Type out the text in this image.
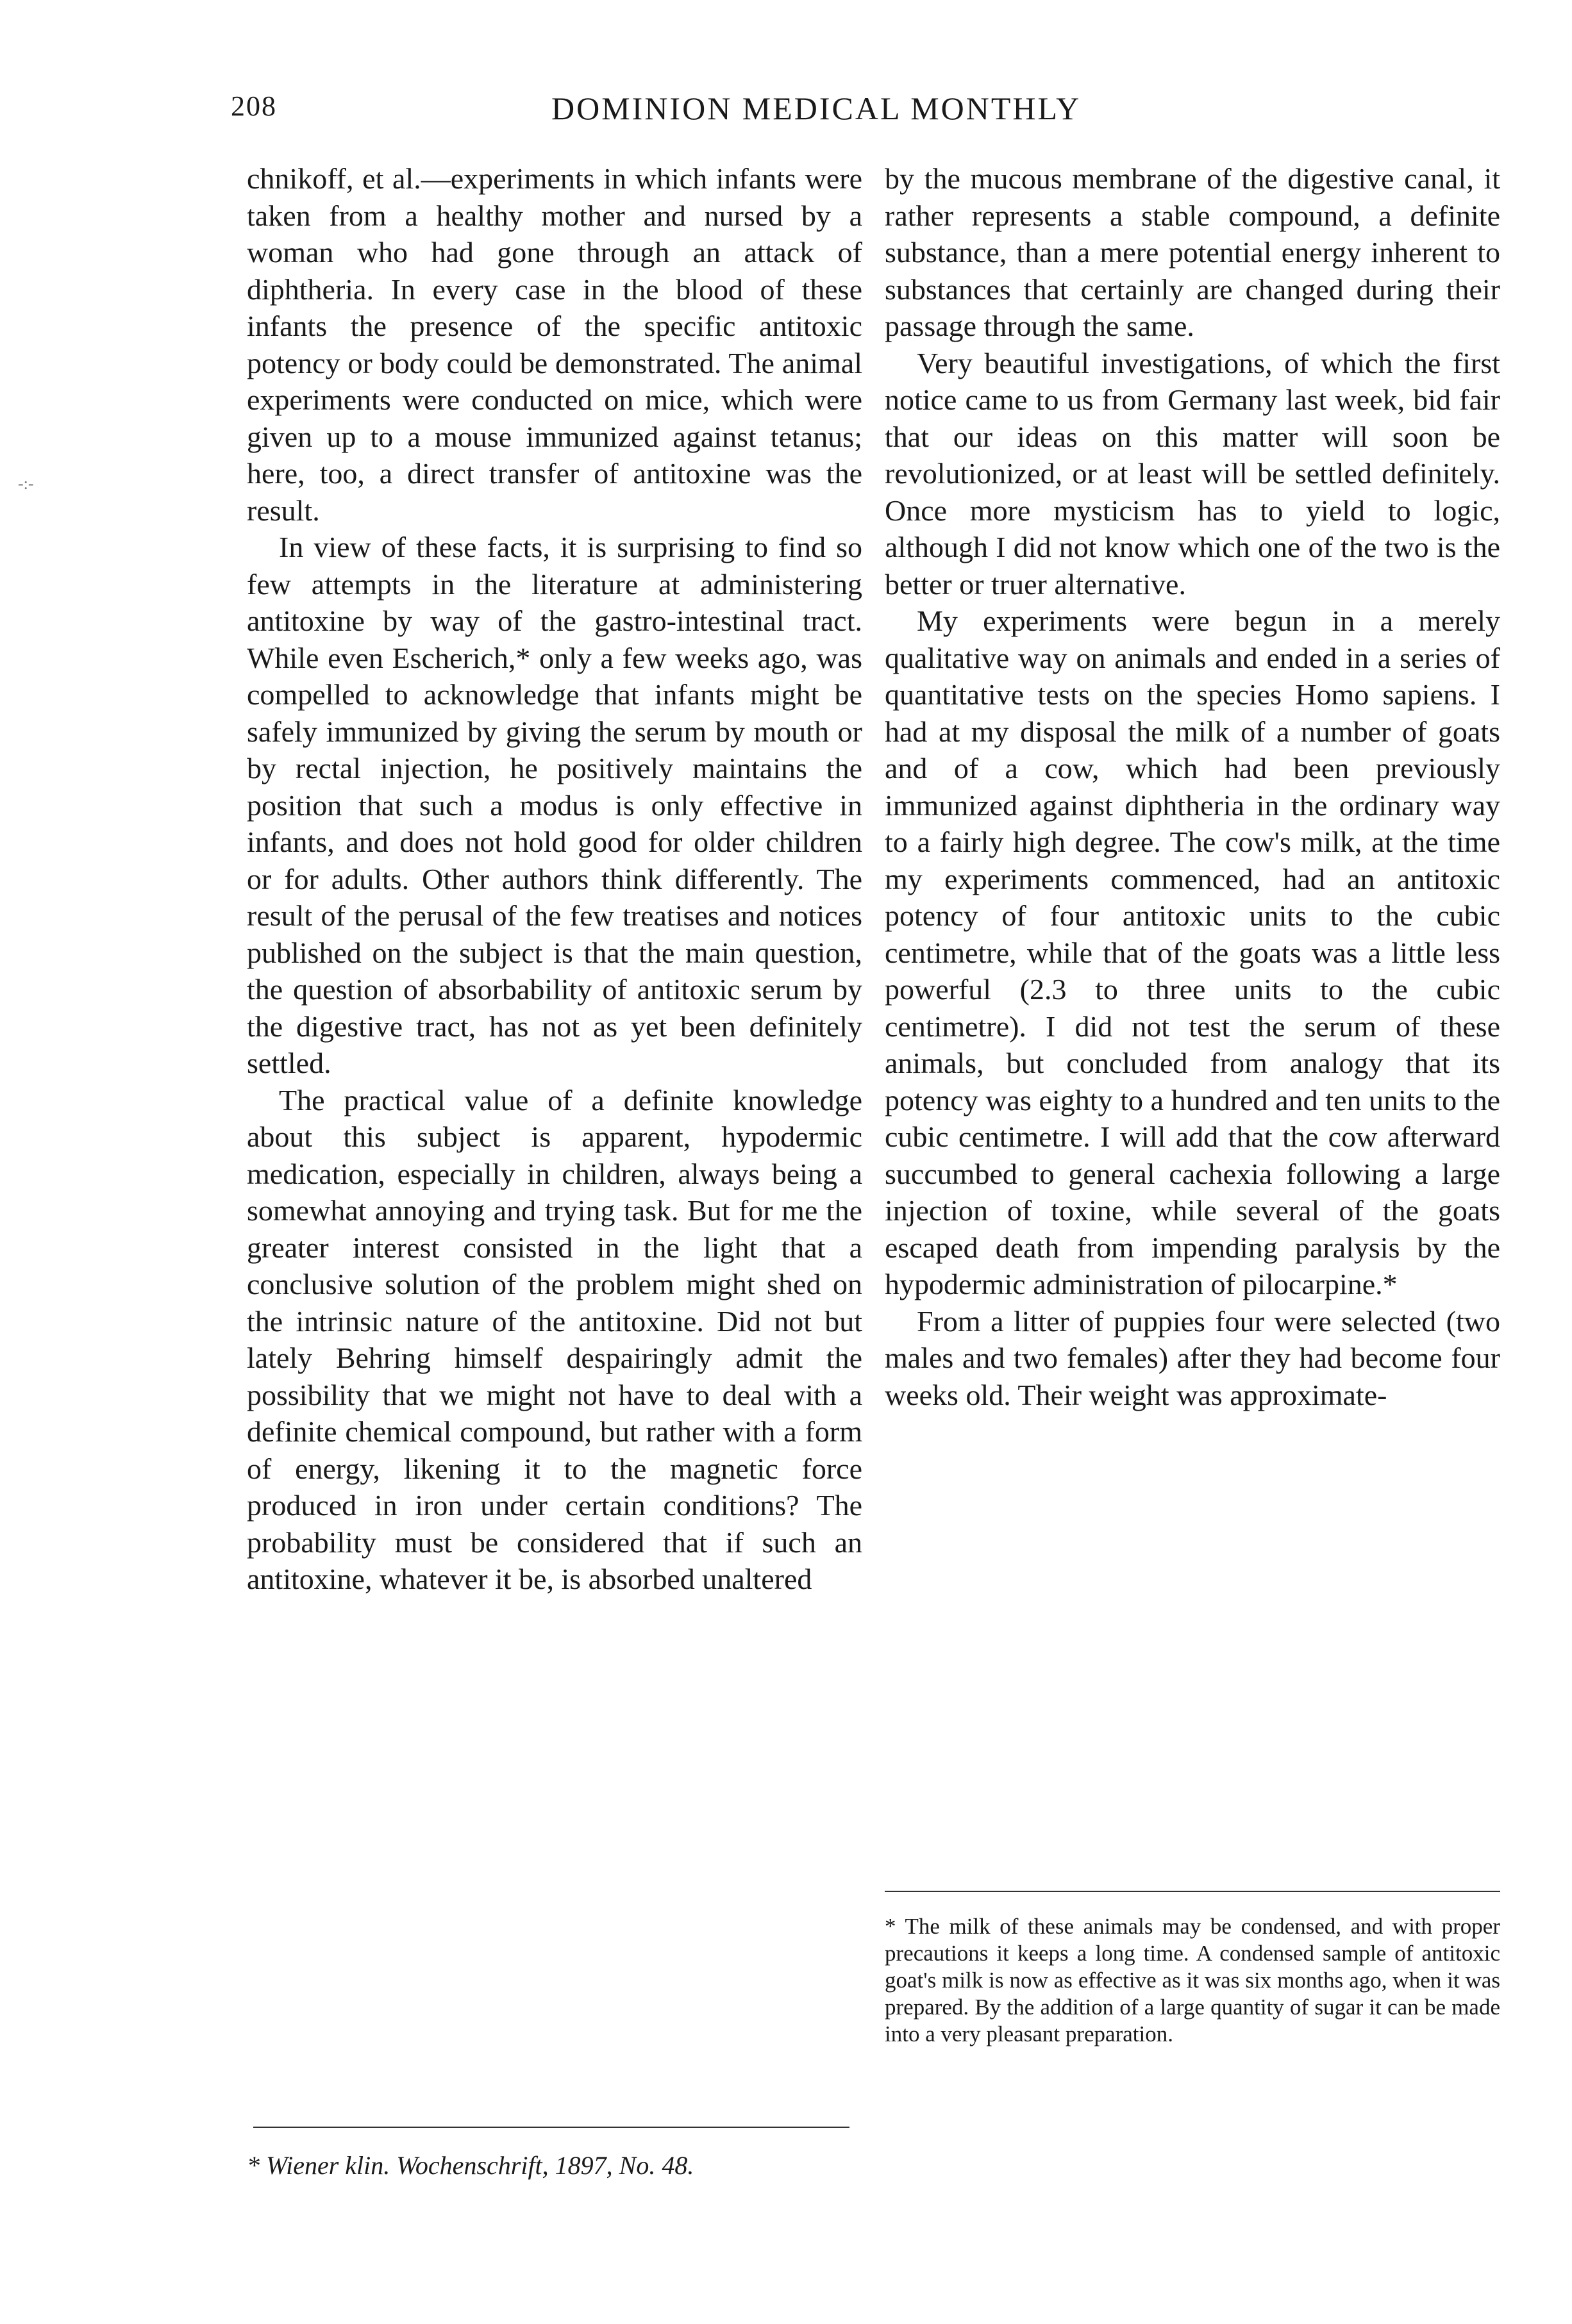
208	DOMINION MEDICAL MONTHLY
-:-

chnikoff, et al.—experiments in which infants were taken from a healthy mother and nursed by a woman who had gone through an attack of diphtheria. In every case in the blood of these infants the presence of the specific antitoxic potency or body could be demonstrated. The animal experiments were conducted on mice, which were given up to a mouse immunized against tetanus; here, too, a direct transfer of antitoxine was the result.

In view of these facts, it is surprising to find so few attempts in the literature at administering antitoxine by way of the gastro-intestinal tract. While even Escherich,* only a few weeks ago, was compelled to acknowledge that infants might be safely immunized by giving the serum by mouth or by rectal injection, he positively maintains the position that such a modus is only effective in infants, and does not hold good for older children or for adults. Other authors think differently. The result of the perusal of the few treatises and notices published on the subject is that the main question, the question of absorbability of antitoxic serum by the digestive tract, has not as yet been definitely settled.

The practical value of a definite knowledge about this subject is apparent, hypodermic medication, especially in children, always being a somewhat annoying and trying task. But for me the greater interest consisted in the light that a conclusive solution of the problem might shed on the intrinsic nature of the antitoxine. Did not but lately Behring himself despairingly admit the possibility that we might not have to deal with a definite chemical compound, but rather with a form of energy, likening it to the magnetic force produced in iron under certain conditions? The probability must be considered that if such an antitoxine, whatever it be, is absorbed unaltered

by the mucous membrane of the digestive canal, it rather represents a stable compound, a definite substance, than a mere potential energy inherent to substances that certainly are changed during their passage through the same.

Very beautiful investigations, of which the first notice came to us from Germany last week, bid fair that our ideas on this matter will soon be revolutionized, or at least will be settled definitely. Once more mysticism has to yield to logic, although I did not know which one of the two is the better or truer alternative.

My experiments were begun in a merely qualitative way on animals and ended in a series of quantitative tests on the species Homo sapiens. I had at my disposal the milk of a number of goats and of a cow, which had been previously immunized against diphtheria in the ordinary way to a fairly high degree. The cow's milk, at the time my experiments commenced, had an antitoxic potency of four antitoxic units to the cubic centimetre, while that of the goats was a little less powerful (2.3 to three units to the cubic centimetre). I did not test the serum of these animals, but concluded from analogy that its potency was eighty to a hundred and ten units to the cubic centimetre. I will add that the cow afterward succumbed to general cachexia following a large injection of toxine, while several of the goats escaped death from impending paralysis by the hypodermic administration of pilocarpine.*

From a litter of puppies four were selected (two males and two females) after they had become four weeks old. Their weight was approximate-

* The milk of these animals may be condensed, and with proper precautions it keeps a long time. A condensed sample of antitoxic goat's milk is now as effective as it was six months ago, when it was prepared. By the addition of a large quantity of sugar it can be made into a very pleasant preparation.
* Wiener klin. Wochenschrift, 1897, No. 48.
